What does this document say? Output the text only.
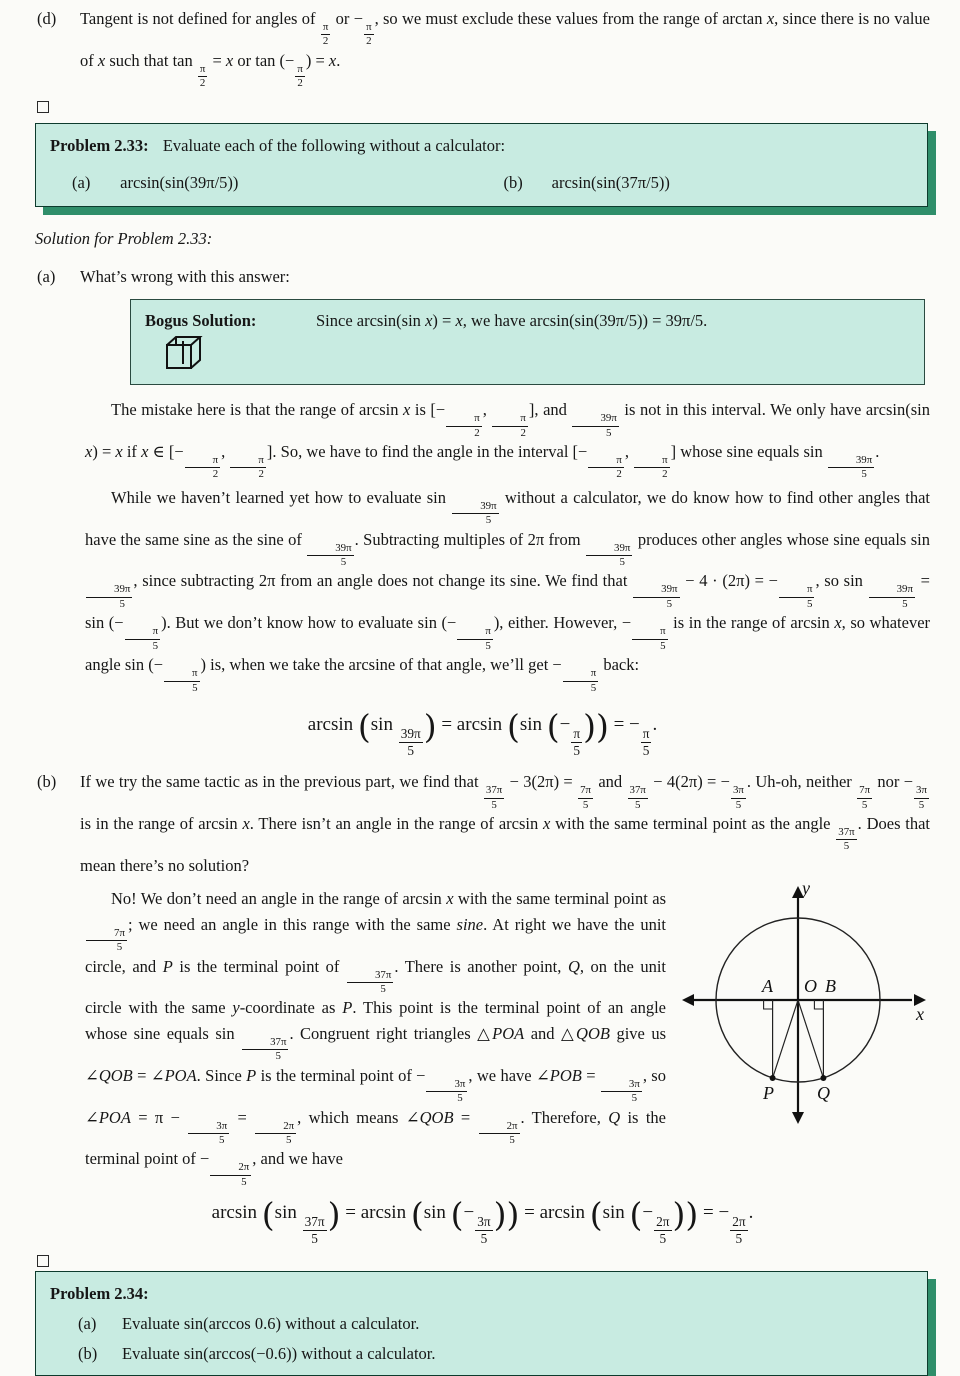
(d) Tangent is not defined for angles of
$\frac{\pi}{2}$
or −
$\frac{\pi}{2}$
, so we must exclude these values from the range of arctan x, since there is no value of x such that tan
$\frac{\pi}{2}$
= x or tan (−
$\frac{\pi}{2}$
) = x.
Problem 2.33: Evaluate each of the following without a calculator:
(a) arcsin(sin(39π/5))	(b) arcsin(sin(37π/5))
Solution for Problem 2.33:
(a) What’s wrong with this answer:
Bogus Solution:	Since arcsin(sin x) = x, we have arcsin(sin(39π/5)) = 39π/5.
The mistake here is that the range of arcsin x is [−
$\frac{\pi}{2}$
,
$\frac{\pi}{2}$
], and
$\frac{39\pi}{5}$
is not in this interval. We only have arcsin(sin x) = x if x ∈ [−
$\frac{\pi}{2}$
,
$\frac{\pi}{2}$
]. So, we have to find the angle in the interval [−
$\frac{\pi}{2}$
,
$\frac{\pi}{2}$
] whose sine equals sin
$\frac{39\pi}{5}$
.
While we haven’t learned yet how to evaluate sin
$\frac{39\pi}{5}$
without a calculator, we do know how to find other angles that have the same sine as the sine of
$\frac{39\pi}{5}$
. Subtracting multiples of 2π from
$\frac{39\pi}{5}$
produces other angles whose sine equals sin
$\frac{39\pi}{5}$
, since subtracting 2π from an angle does not change its sine. We find that
$\frac{39\pi}{5}$
− 4 · (2π) = −
$\frac{\pi}{5}$
, so sin
$\frac{39\pi}{5}$
= sin (−
$\frac{\pi}{5}$
). But we don’t know how to evaluate sin (−
$\frac{\pi}{5}$
), either. However, −
$\frac{\pi}{5}$
is in the range of arcsin x, so whatever angle sin (−
$\frac{\pi}{5}$
) is, when we take the arcsine of that angle, we’ll get −
$\frac{\pi}{5}$
back:
arcsin (sin
$\frac{39\pi}{5}$ ) = arcsin (sin (−
$\frac{\pi}{5}$ )) = −
$\frac{\pi}{5}$
.
(b) If we try the same tactic as in the previous part, we find that
$\frac{37\pi}{5}$
− 3(2π) =
$\frac{7\pi}{5}$
and
$\frac{37\pi}{5}$
− 4(2π) = −
$\frac{3\pi}{5}$
. Uh-oh, neither
$\frac{7\pi}{5}$
nor −
$\frac{3\pi}{5}$
is in the range of arcsin x. There isn’t an angle in the range of arcsin x with the same terminal point as the angle
$\frac{37\pi}{5}$
. Does that mean there’s no solution?
y
x
A O B
P Q
No! We don’t need an angle in the range of arcsin x with the same terminal point as
$\frac{7\pi}{5}$
; we need an angle in this range with the same sine. At right we have the unit circle, and P is the terminal point of
$\frac{37\pi}{5}$
. There is another point, Q, on the unit circle with the same y-coordinate as P. This point is the terminal point of an angle whose sine equals sin
$\frac{37\pi}{5}$
. Congruent right triangles △POA and △QOB give us ∠QOB = ∠POA. Since P is the terminal point of −
$\frac{3\pi}{5}$
, we have ∠POB =
$\frac{3\pi}{5}$
, so ∠POA = π −
$\frac{3\pi}{5}$
=
$\frac{2\pi}{5}$
, which means ∠QOB =
$\frac{2\pi}{5}$
. Therefore, Q is the terminal point of −
$\frac{2\pi}{5}$
, and we have
arcsin (sin
$\frac{37\pi}{5}$ ) = arcsin (sin (−
$\frac{3\pi}{5}$ )) = arcsin (sin (−
$\frac{2\pi}{5}$ )) = −
$\frac{2\pi}{5}$
.
Problem 2.34:
(a) Evaluate sin(arccos 0.6) without a calculator.
(b) Evaluate sin(arccos(−0.6)) without a calculator.
